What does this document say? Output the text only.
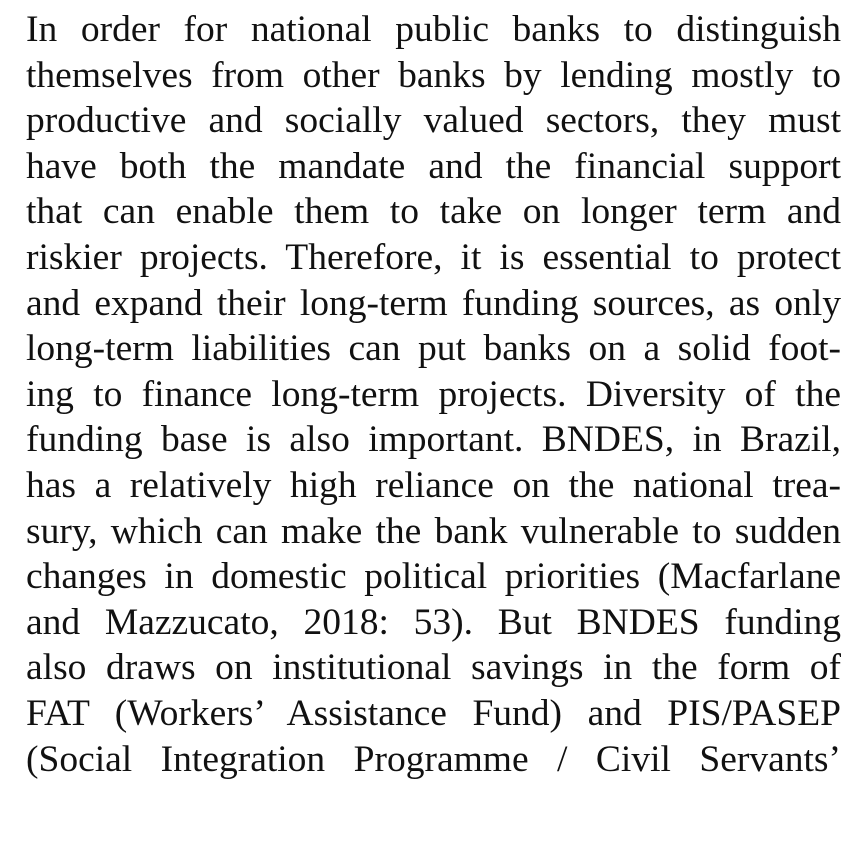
In order for national public banks to distinguish
themselves from other banks by lending mostly to
productive and socially valued sectors, they must
have both the mandate and the financial support
that can enable them to take on longer term and
riskier projects. Therefore, it is essential to protect
and expand their long-term funding sources, as only
long-term liabilities can put banks on a solid foot-
ing to finance long-term projects. Diversity of the
funding base is also important. BNDES, in Brazil,
has a relatively high reliance on the national trea-
sury, which can make the bank vulnerable to sudden
changes in domestic political priorities (Macfarlane
and Mazzucato, 2018: 53). But BNDES funding
also draws on institutional savings in the form of
FAT (Workers’ Assistance Fund) and PIS/PASEP
(Social Integration Programme / Civil Servants’
